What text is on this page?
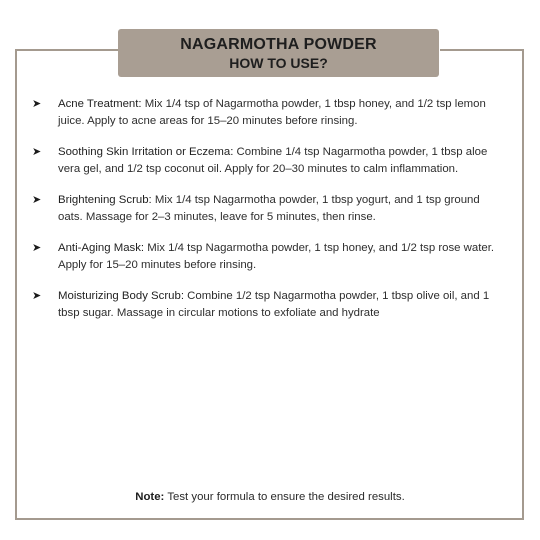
NAGARMOTHA POWDER
HOW TO USE?
➤ Acne Treatment: Mix 1/4 tsp of Nagarmotha powder, 1 tbsp honey, and 1/2 tsp lemon juice. Apply to acne areas for 15–20 minutes before rinsing.
➤ Soothing Skin Irritation or Eczema: Combine 1/4 tsp Nagarmotha powder, 1 tbsp aloe vera gel, and 1/2 tsp coconut oil. Apply for 20–30 minutes to calm inflammation.
➤ Brightening Scrub: Mix 1/4 tsp Nagarmotha powder, 1 tbsp yogurt, and 1 tsp ground oats. Massage for 2–3 minutes, leave for 5 minutes, then rinse.
➤ Anti-Aging Mask: Mix 1/4 tsp Nagarmotha powder, 1 tsp honey, and 1/2 tsp rose water. Apply for 15–20 minutes before rinsing.
➤ Moisturizing Body Scrub: Combine 1/2 tsp Nagarmotha powder, 1 tbsp olive oil, and 1 tbsp sugar. Massage in circular motions to exfoliate and hydrate
Note: Test your formula to ensure the desired results.
